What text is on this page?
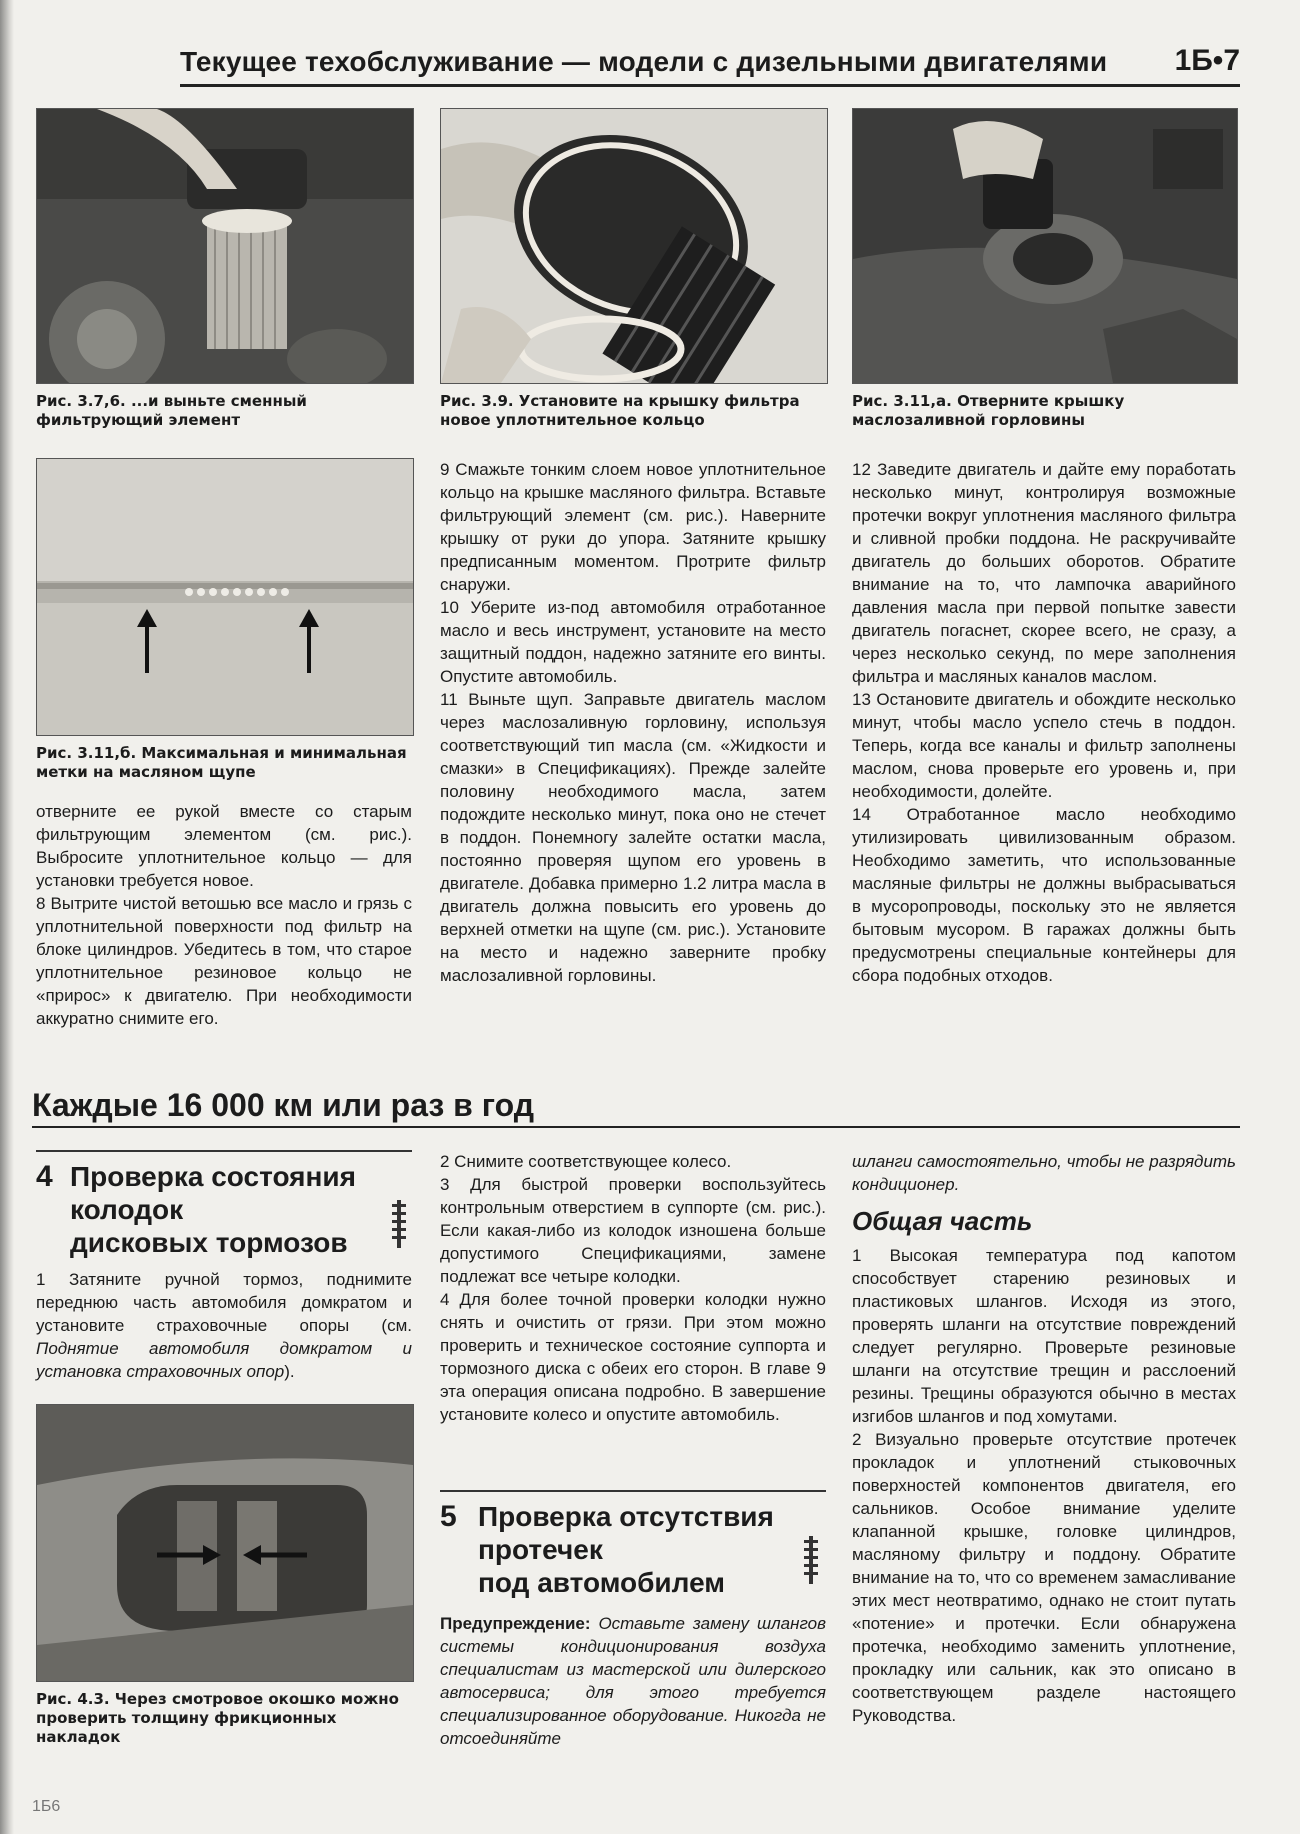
Текущее техобслуживание — модели с дизельными двигателями 1Б•7
Рис. 3.7,6. ...и выньте сменный фильтрующий элемент
Рис. 3.9. Установите на крышку фильтра новое уплотнительное кольцо
Рис. 3.11,а. Отверните крышку маслозаливной горловины
Рис. 3.11,б. Максимальная и минимальная метки на масляном щупе

отверните ее рукой вместе со старым фильтрующим элементом (см. рис.). Выбросите уплотнительное кольцо — для установки требуется новое.

8 Вытрите чистой ветошью все масло и грязь с уплотнительной поверхности под фильтр на блоке цилиндров. Убедитесь в том, что старое уплотнительное резиновое кольцо не «прирос» к двигателю. При необходимости аккуратно снимите его.

9 Смажьте тонким слоем новое уплотнительное кольцо на крышке масляного фильтра. Вставьте фильтрующий элемент (см. рис.). Наверните крышку от руки до упора. Затяните крышку предписанным моментом. Протрите фильтр снаружи.

10 Уберите из-под автомобиля отработанное масло и весь инструмент, установите на место защитный поддон, надежно затяните его винты. Опустите автомобиль.

11 Выньте щуп. Заправьте двигатель маслом через маслозаливную горловину, используя соответствующий тип масла (см. «Жидкости и смазки» в Спецификациях). Прежде залейте половину необходимого масла, затем подождите несколько минут, пока оно не стечет в поддон. Понемногу залейте остатки масла, постоянно проверяя щупом его уровень в двигателе. Добавка примерно 1.2 литра масла в двигатель должна повысить его уровень до верхней отметки на щупе (см. рис.). Установите на место и надежно заверните пробку маслозаливной горловины.

12 Заведите двигатель и дайте ему поработать несколько минут, контролируя возможные протечки вокруг уплотнения масляного фильтра и сливной пробки поддона. Не раскручивайте двигатель до больших оборотов. Обратите внимание на то, что лампочка аварийного давления масла при первой попытке завести двигатель погаснет, скорее всего, не сразу, а через несколько секунд, по мере заполнения фильтра и масляных каналов маслом.

13 Остановите двигатель и обождите несколько минут, чтобы масло успело стечь в поддон. Теперь, когда все каналы и фильтр заполнены маслом, снова проверьте его уровень и, при необходимости, долейте.

14 Отработанное масло необходимо утилизировать цивилизованным образом. Необходимо заметить, что использованные масляные фильтры не должны выбрасываться в мусоропроводы, поскольку это не является бытовым мусором. В гаражах должны быть предусмотрены специальные контейнеры для сбора подобных отходов.

Каждые 16 000 км или раз в год
4 Проверка состояния
колодок
дисковых тормозов

1 Затяните ручной тормоз, поднимите переднюю часть автомобиля домкратом и установите страховочные опоры (см. Поднятие автомобиля домкратом и установка страховочных опор).

Рис. 4.3. Через смотровое окошко можно проверить толщину фрикционных накладок

2 Снимите соответствующее колесо.

3 Для быстрой проверки воспользуйтесь контрольным отверстием в суппорте (см. рис.). Если какая-либо из колодок изношена больше допустимого Спецификациями, замене подлежат все четыре колодки.

4 Для более точной проверки колодки нужно снять и очистить от грязи. При этом можно проверить и техническое состояние суппорта и тормозного диска с обеих его сторон. В главе 9 эта операция описана подробно. В завершение установите колесо и опустите автомобиль.

5 Проверка отсутствия
протечек
под автомобилем

Предупреждение: Оставьте замену шлангов системы кондиционирования воздуха специалистам из мастерской или дилерского автосервиса; для этого требуется специализированное оборудование. Никогда не отсоединяйте

шланги самостоятельно, чтобы не разрядить кондиционер.
Общая часть

1 Высокая температура под капотом способствует старению резиновых и пластиковых шлангов. Исходя из этого, проверять шланги на отсутствие повреждений следует регулярно. Проверьте резиновые шланги на отсутствие трещин и расслоений резины. Трещины образуются обычно в местах изгибов шлангов и под хомутами.

2 Визуально проверьте отсутствие протечек прокладок и уплотнений стыковочных поверхностей компонентов двигателя, его сальников. Особое внимание уделите клапанной крышке, головке цилиндров, масляному фильтру и поддону. Обратите внимание на то, что со временем замасливание этих мест неотвратимо, однако не стоит путать «потение» и протечки. Если обнаружена протечка, необходимо заменить уплотнение, прокладку или сальник, как это описано в соответствующем разделе настоящего Руководства.

1Б6
